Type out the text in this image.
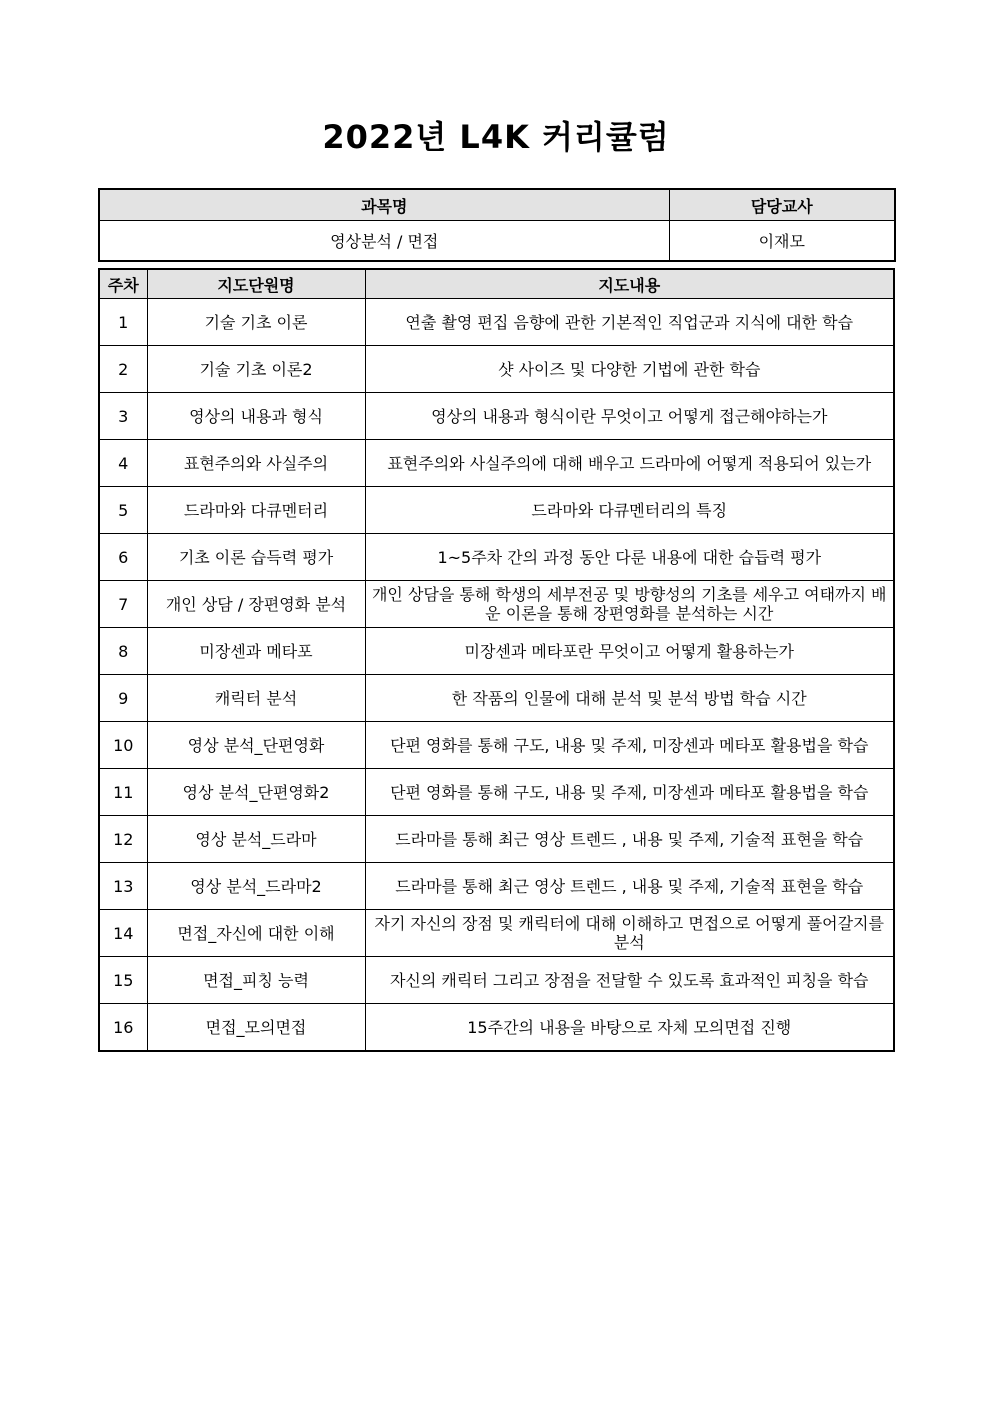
2022년 L4K 커리큘럼
과목명	담당교사
영상분석 / 면접	이재모
주차	지도단원명	지도내용
1	기술 기초 이론	연출 촬영 편집 음향에 관한 기본적인 직업군과 지식에 대한 학습
2	기술 기초 이론2	샷 사이즈 및 다양한 기법에 관한 학습
3	영상의 내용과 형식	영상의 내용과 형식이란 무엇이고 어떻게 접근해야하는가
4	표현주의와 사실주의	표현주의와 사실주의에 대해 배우고 드라마에 어떻게 적용되어 있는가
5	드라마와 다큐멘터리	드라마와 다큐멘터리의 특징
6	기초 이론 습득력 평가	1~5주차 간의 과정 동안 다룬 내용에 대한 습듭력 평가
7	개인 상담 / 장편영화 분석	개인 상담을 통해 학생의 세부전공 및 방향성의 기초를 세우고 여태까지 배운 이론을 통해 장편영화를 분석하는 시간
8	미장센과 메타포	미장센과 메타포란 무엇이고 어떻게 활용하는가
9	캐릭터 분석	한 작품의 인물에 대해 분석 및 분석 방법 학습 시간
10	영상 분석_단편영화	단편 영화를 통해 구도, 내용 및 주제, 미장센과 메타포 활용법을 학습
11	영상 분석_단편영화2	단편 영화를 통해 구도, 내용 및 주제, 미장센과 메타포 활용법을 학습
12	영상 분석_드라마	드라마를 통해 최근 영상 트렌드 , 내용 및 주제, 기술적 표현을 학습
13	영상 분석_드라마2	드라마를 통해 최근 영상 트렌드 , 내용 및 주제, 기술적 표현을 학습
14	면접_자신에 대한 이해	자기 자신의 장점 및 캐릭터에 대해 이해하고 면접으로 어떻게 풀어갈지를 분석
15	면접_피칭 능력	자신의 캐릭터 그리고 장점을 전달할 수 있도록 효과적인 피칭을 학습
16	면접_모의면접	15주간의 내용을 바탕으로 자체 모의면접 진행
